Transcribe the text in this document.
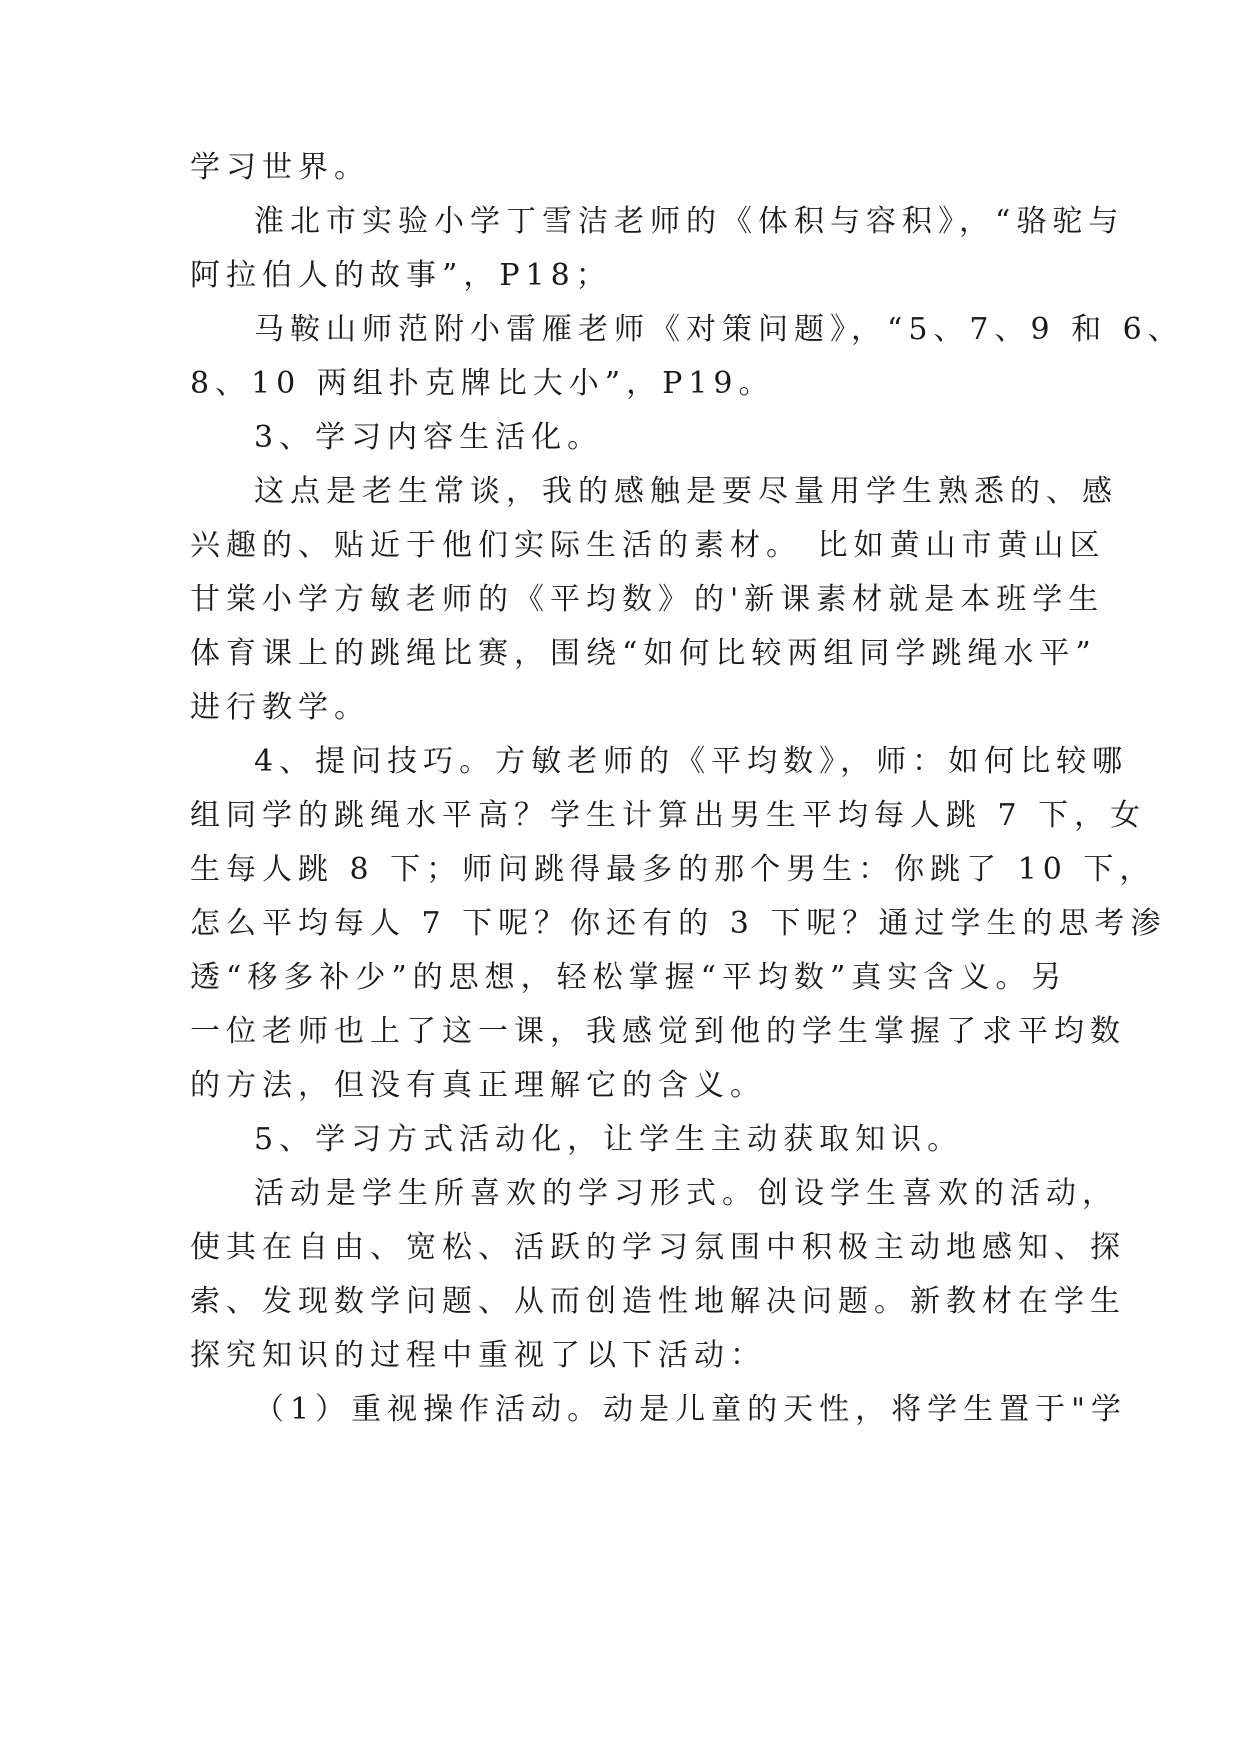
学习世界。
淮北市实验小学丁雪洁老师的《体积与容积》，“骆驼与
阿拉伯人的故事”，P18；
马鞍山师范附小雷雁老师《对策问题》，“5、7、9 和 6、
8、10 两组扑克牌比大小”，P19。
3、学习内容生活化。
这点是老生常谈，我的感触是要尽量用学生熟悉的、感
兴趣的、贴近于他们实际生活的素材。 比如黄山市黄山区
甘棠小学方敏老师的《平均数》的'新课素材就是本班学生
体育课上的跳绳比赛，围绕“如何比较两组同学跳绳水平”
进行教学。
4、提问技巧。方敏老师的《平均数》，师：如何比较哪
组同学的跳绳水平高？学生计算出男生平均每人跳 7 下，女
生每人跳 8 下；师问跳得最多的那个男生：你跳了 10 下，
怎么平均每人 7 下呢？你还有的 3 下呢？通过学生的思考渗
透“移多补少”的思想，轻松掌握“平均数”真实含义。另
一位老师也上了这一课，我感觉到他的学生掌握了求平均数
的方法，但没有真正理解它的含义。
5、学习方式活动化，让学生主动获取知识。
活动是学生所喜欢的学习形式。创设学生喜欢的活动，
使其在自由、宽松、活跃的学习氛围中积极主动地感知、探
索、发现数学问题、从而创造性地解决问题。新教材在学生
探究知识的过程中重视了以下活动：
（1）重视操作活动。动是儿童的天性，将学生置于"学
